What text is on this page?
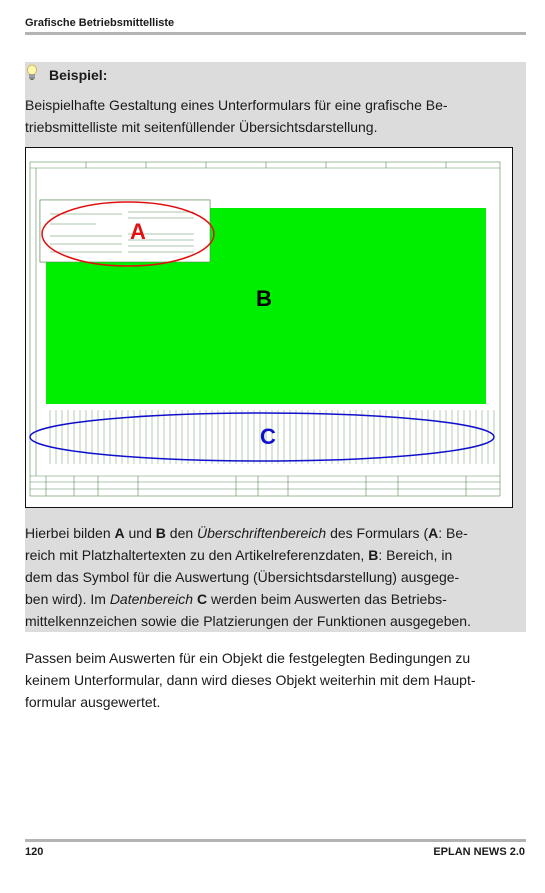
Grafische Betriebsmittelliste
Beispiel:
Beispielhafte Gestaltung eines Unterformulars für eine grafische Be-
triebsmittelliste mit seitenfüllender Übersichtsdarstellung.
A
B
C
Hierbei bilden A und B den Überschriftenbereich des Formulars (A: Be-
reich mit Platzhaltertexten zu den Artikelreferenzdaten, B: Bereich, in
dem das Symbol für die Auswertung (Übersichtsdarstellung) ausgege-
ben wird). Im Datenbereich C werden beim Auswerten das Betriebs-
mittelkennzeichen sowie die Platzierungen der Funktionen ausgegeben.
Passen beim Auswerten für ein Objekt die festgelegten Bedingungen zu
keinem Unterformular, dann wird dieses Objekt weiterhin mit dem Haupt-
formular ausgewertet.
120	EPLAN NEWS 2.0
